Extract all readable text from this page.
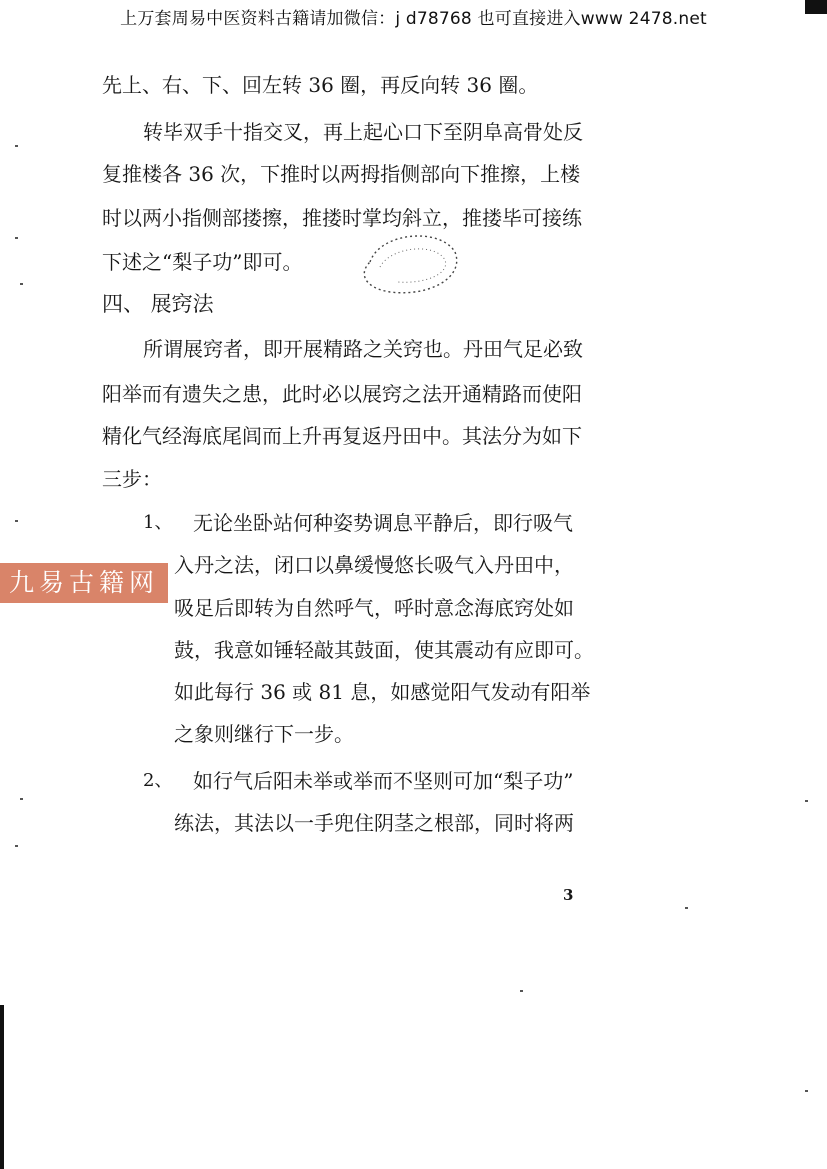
上万套周易中医资料古籍请加微信：j d78768 也可直接进入www 2478.net
先上、右、下、回左转 36 圈，再反向转 36 圈。
转毕双手十指交叉，再上起心口下至阴阜高骨处反
复推楼各 36 次，下推时以两拇指侧部向下推擦，上楼
时以两小指侧部搂擦，推搂时掌均斜立，推搂毕可接练
下述之“梨子功”即可。
四、 展窍法
所谓展窍者，即开展精路之关窍也。丹田气足必致
阳举而有遗失之患，此时必以展窍之法开通精路而使阳
精化气经海底尾闾而上升再复返丹田中。其法分为如下
三步：
1、 无论坐卧站何种姿势调息平静后，即行吸气
入丹之法，闭口以鼻缓慢悠长吸气入丹田中，
吸足后即转为自然呼气，呼时意念海底窍处如
鼓，我意如锤轻敲其鼓面，使其震动有应即可。
如此每行 36 或 81 息，如感觉阳气发动有阳举
之象则继行下一步。
2、 如行气后阳未举或举而不坚则可加“梨子功”
练法，其法以一手兜住阴茎之根部，同时将两
3
九易古籍网
